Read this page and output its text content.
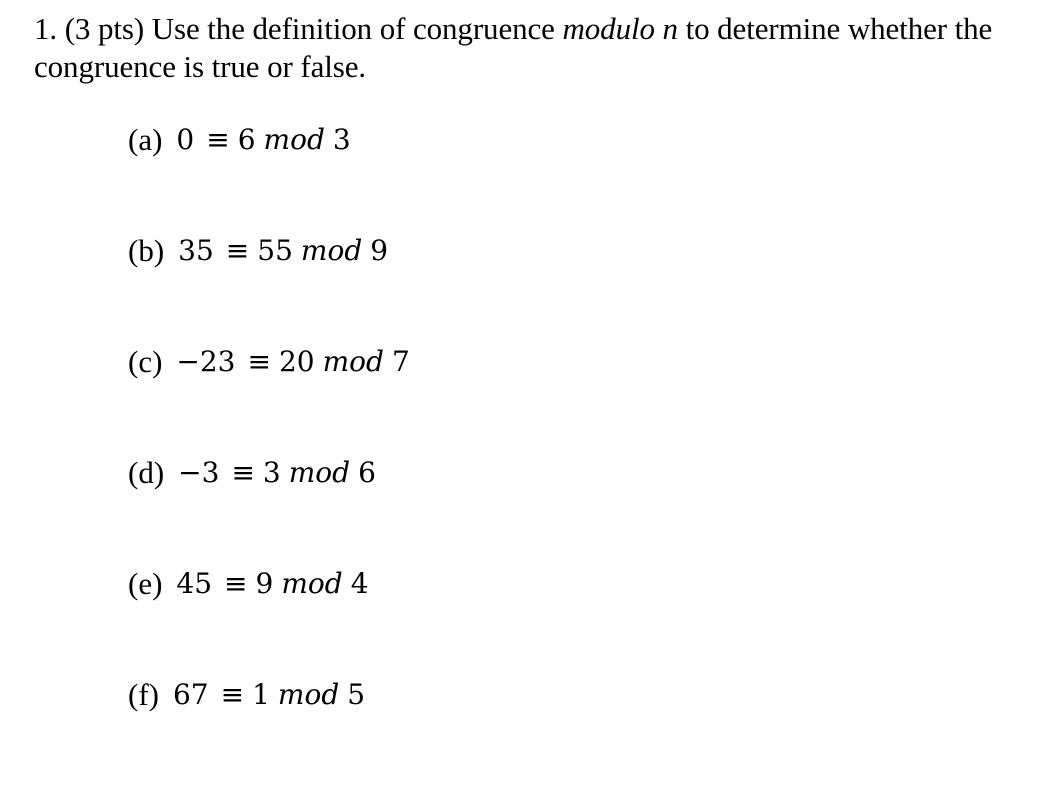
1. (3 pts) Use the definition of congruence modulo n to determine whether the
congruence is true or false.
(a) 0 ≡ 6 mod 3
(b) 35 ≡ 55 mod 9
(c) −23 ≡ 20 mod 7
(d) −3 ≡ 3 mod 6
(e) 45 ≡ 9 mod 4
(f) 67 ≡ 1 mod 5
